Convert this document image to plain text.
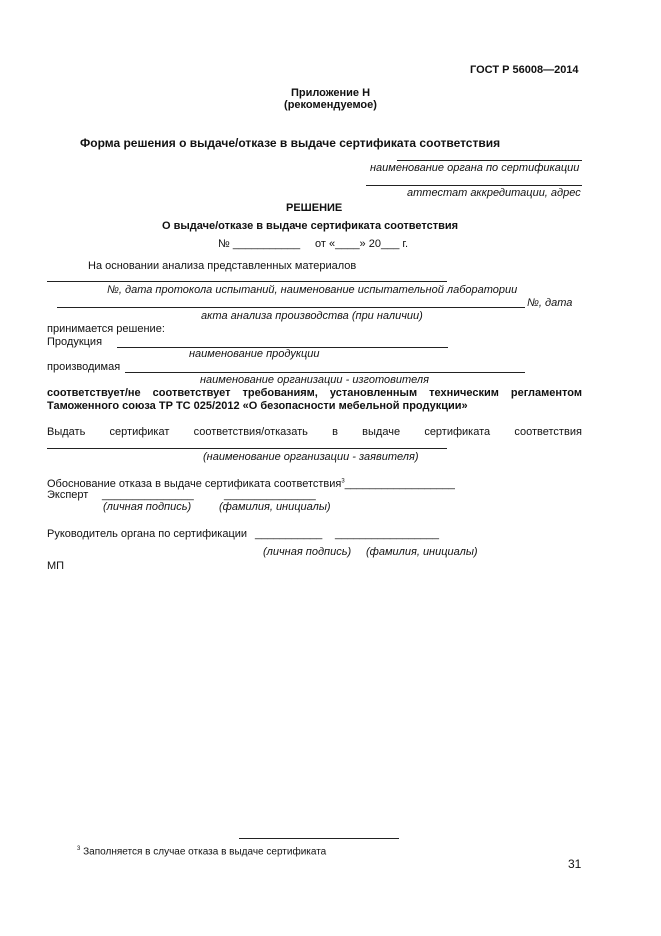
ГОСТ Р 56008—2014
Приложение Н
(рекомендуемое)
Форма решения о выдаче/отказе в выдаче сертификата соответствия
наименование органа по сертификации
аттестат аккредитации, адрес
РЕШЕНИЕ
О выдаче/отказе в выдаче сертификата соответствия
№ ___________ от «____» 20___ г.
На основании анализа представленных материалов
№, дата протокола испытаний, наименование испытательной лаборатории
№, дата
акта анализа производства (при наличии)
принимается решение:
Продукция
наименование продукции
производимая
наименование организации - изготовителя
соответствует/не соответствует требованиям, установленным техническим регламентом Таможенного союза ТР ТС 025/2012 «О безопасности мебельной продукции»
Выдать сертификат соответствия/отказать в выдаче сертификата соответствия
(наименование организации - заявителя)
Обоснование отказа в выдаче сертификата соответствия$^3$__________________
Эксперт _______________	_______________
(личная подпись)	(фамилия, инициалы)
Руководитель органа по сертификации ___________ _________________
(личная подпись) (фамилия, инициалы)
МП
$^3$ Заполняется в случае отказа в выдаче сертификата
31
